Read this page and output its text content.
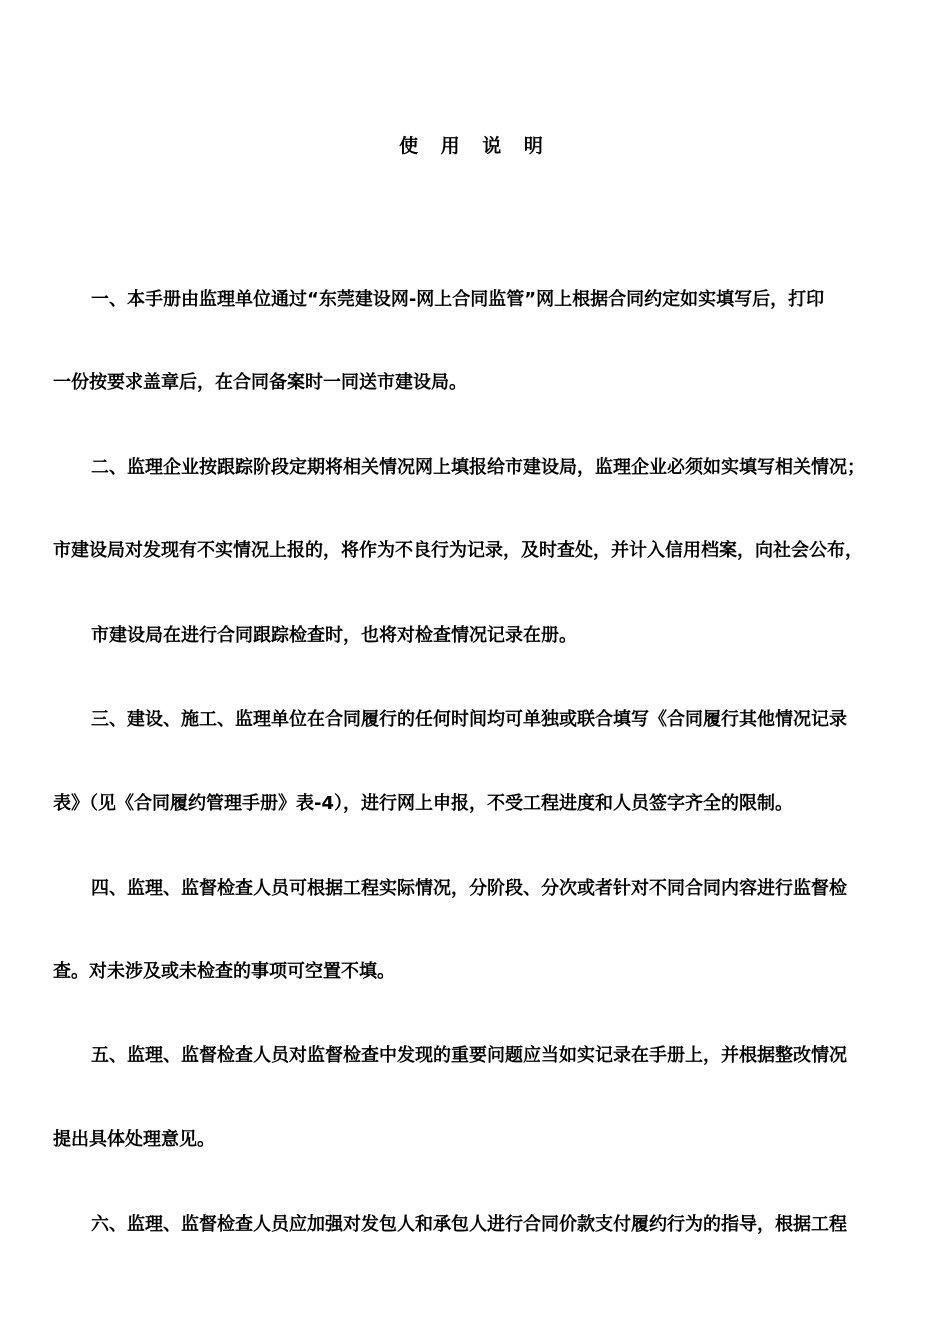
使 用 说 明
一、本手册由监理单位通过“东莞建设网-网上合同监管”网上根据合同约定如实填写后，打印
一份按要求盖章后，在合同备案时一同送市建设局。
二、监理企业按跟踪阶段定期将相关情况网上填报给市建设局，监理企业必须如实填写相关情况；
市建设局对发现有不实情况上报的，将作为不良行为记录，及时查处，并计入信用档案，向社会公布，
市建设局在进行合同跟踪检查时，也将对检查情况记录在册。
三、建设、施工、监理单位在合同履行的任何时间均可单独或联合填写《合同履行其他情况记录
表》（见《合同履约管理手册》表-4），进行网上申报，不受工程进度和人员签字齐全的限制。
四、监理、监督检查人员可根据工程实际情况，分阶段、分次或者针对不同合同内容进行监督检
查。对未涉及或未检查的事项可空置不填。
五、监理、监督检查人员对监督检查中发现的重要问题应当如实记录在手册上，并根据整改情况
提出具体处理意见。
六、监理、监督检查人员应加强对发包人和承包人进行合同价款支付履约行为的指导，根据工程
